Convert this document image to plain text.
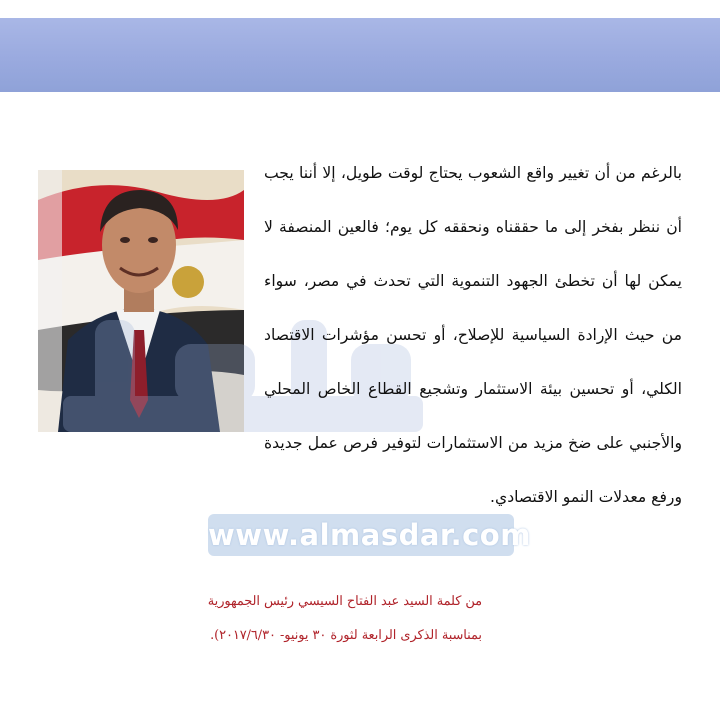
www.almasdar.com
بالرغم من أن تغيير واقع الشعوب يحتاج لوقت طويل، إلا أننا يجب أن ننظر بفخر إلى ما حققناه ونحققه كل يوم؛ فالعين المنصفة لا يمكن لها أن تخطئ الجهود التنموية التي تحدث في مصر، سواء من حيث الإرادة السياسية للإصلاح، أو تحسن مؤشرات الاقتصاد الكلي، أو تحسين بيئة الاستثمار وتشجيع القطاع الخاص المحلي والأجنبي على ضخ مزيد من الاستثمارات لتوفير فرص عمل جديدة ورفع معدلات النمو الاقتصادي.
من كلمة السيد عبد الفتاح السيسي رئيس الجمهورية
بمناسبة الذكرى الرابعة لثورة ٣٠ يونيو- ٢٠١٧/٦/٣٠).
